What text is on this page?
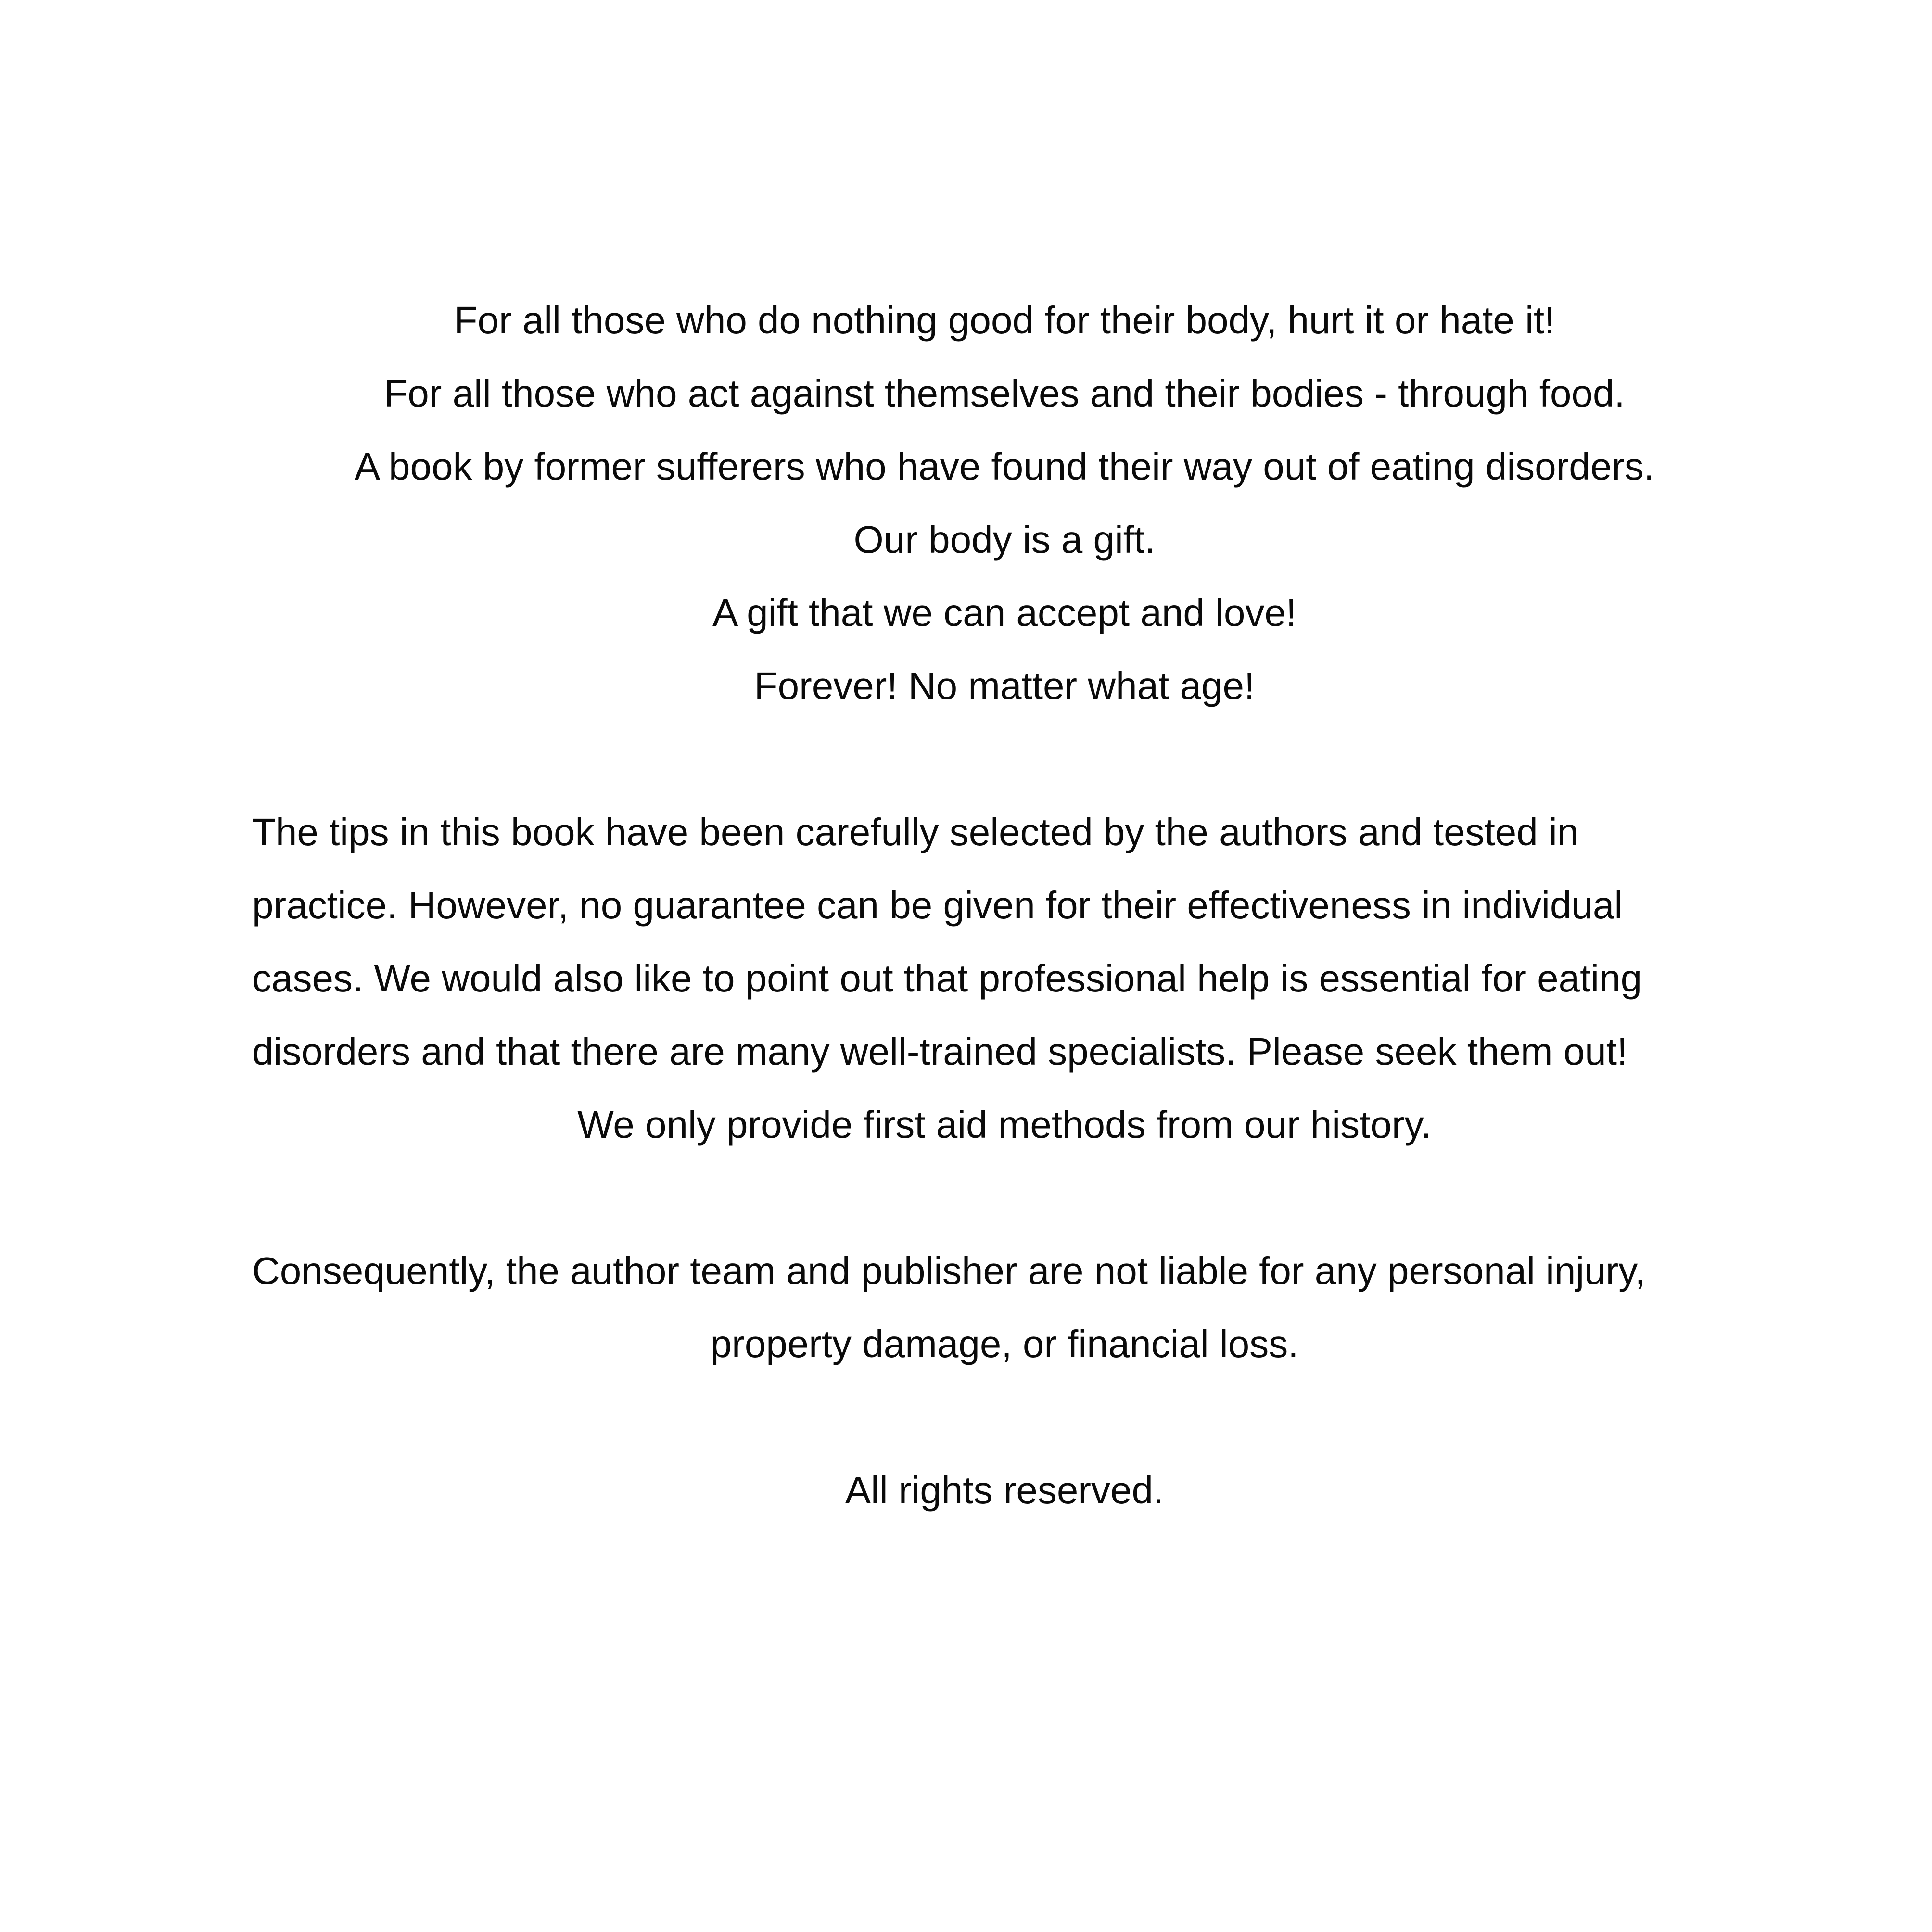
For all those who do nothing good for their body, hurt it or hate it!
For all those who act against themselves and their bodies - through food.
A book by former sufferers who have found their way out of eating disorders.
Our body is a gift.
A gift that we can accept and love!
Forever! No matter what age!
The tips in this book have been carefully selected by the authors and tested in
practice. However, no guarantee can be given for their effectiveness in individual
cases. We would also like to point out that professional help is essential for eating
disorders and that there are many well-trained specialists. Please seek them out!
We only provide first aid methods from our history.
Consequently, the author team and publisher are not liable for any personal injury,
property damage, or financial loss.
All rights reserved.
